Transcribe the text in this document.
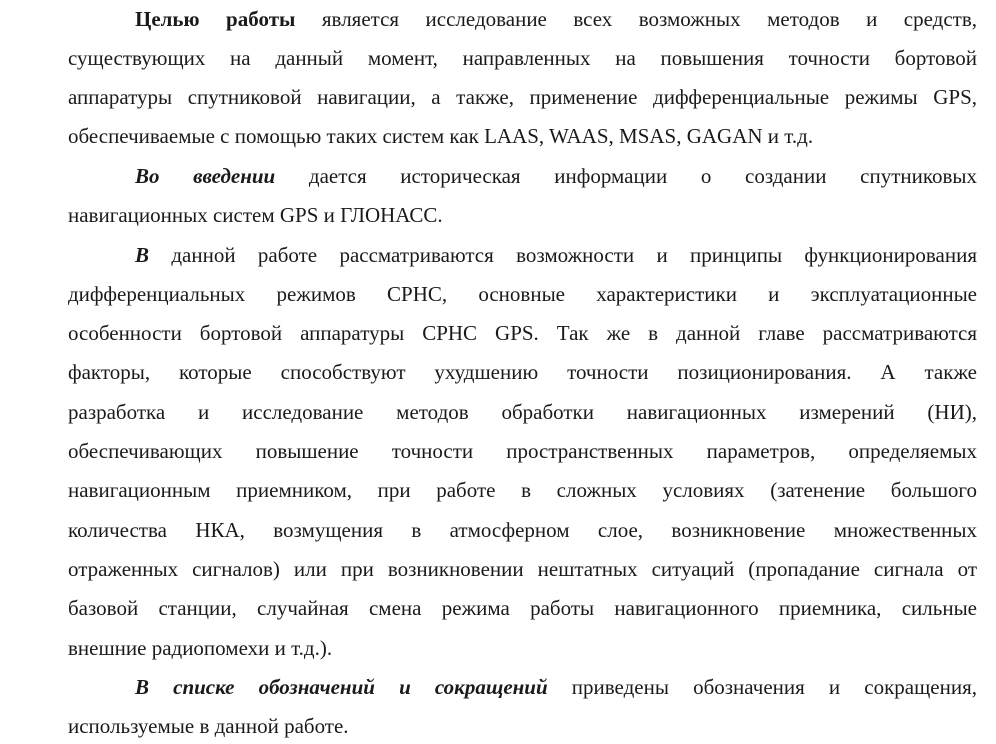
Целью работы является исследование всех возможных методов и средств,
существующих на данный момент, направленных на повышения точности бортовой
аппаратуры спутниковой навигации, а также, применение дифференциальные режимы GPS,
обеспечиваемые с помощью таких систем как LAAS, WAAS, MSAS, GAGAN и т.д.
Во введении дается историческая информации о создании спутниковых
навигационных систем GPS и ГЛОНАСС.
В данной работе рассматриваются возможности и принципы функционирования
дифференциальных режимов СРНС, основные характеристики и эксплуатационные
особенности бортовой аппаратуры СРНС GPS. Так же в данной главе рассматриваются
факторы, которые способствуют ухудшению точности позиционирования. А также
разработка и исследование методов обработки навигационных измерений (НИ),
обеспечивающих повышение точности пространственных параметров, определяемых
навигационным приемником, при работе в сложных условиях (затенение большого
количества НКА, возмущения в атмосферном слое, возникновение множественных
отраженных сигналов) или при возникновении нештатных ситуаций (пропадание сигнала от
базовой станции, случайная смена режима работы навигационного приемника, сильные
внешние радиопомехи и т.д.).
В списке обозначений и сокращений приведены обозначения и сокращения,
используемые в данной работе.
